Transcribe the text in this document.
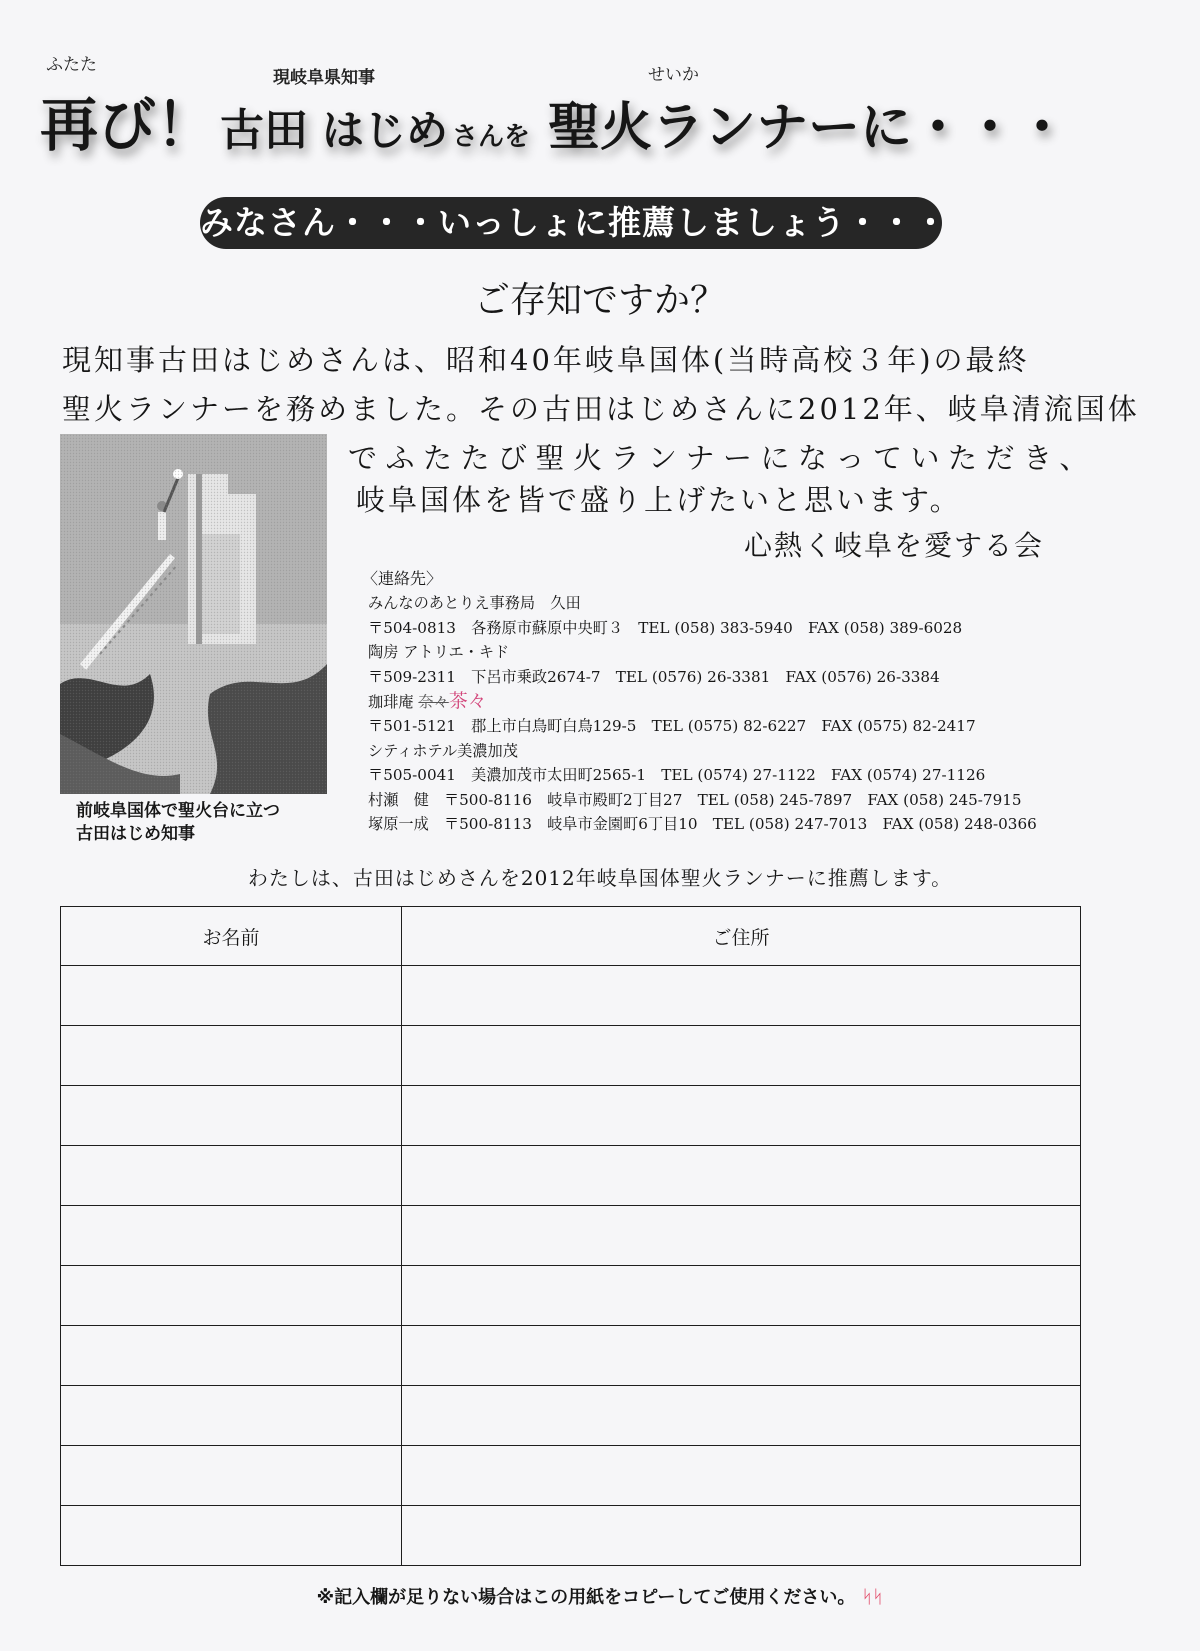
ふたた
現岐阜県知事	せいか
再び！ 古田 はじめ さんを 聖火ランナーに・・・
みなさん・・・いっしょに推薦しましょう・・・
ご存知ですか？
現知事古田はじめさんは、昭和40年岐阜国体(当時高校３年)の最終
聖火ランナーを務めました。その古田はじめさんに2012年、岐阜清流国体
でふたたび聖火ランナーになっていただき、
岐阜国体を皆で盛り上げたいと思います。
心熱く岐阜を愛する会
前岐阜国体で聖火台に立つ
古田はじめ知事
〈連絡先〉
みんなのあとりえ事務局　久田
〒504-0813　各務原市蘇原中央町３　TEL (058) 383-5940　FAX (058) 389-6028
陶房 アトリエ・キド
〒509-2311　下呂市乗政2674-7　TEL (0576) 26-3381　FAX (0576) 26-3384
珈琲庵 奈々茶々
〒501-5121　郡上市白鳥町白鳥129-5　TEL (0575) 82-6227　FAX (0575) 82-2417
シティホテル美濃加茂
〒505-0041　美濃加茂市太田町2565-1　TEL (0574) 27-1122　FAX (0574) 27-1126
村瀬　健　〒500-8116　岐阜市殿町2丁目27　TEL (058) 245-7897　FAX (058) 245-7915
塚原一成　〒500-8113　岐阜市金園町6丁目10　TEL (058) 247-7013　FAX (058) 248-0366
わたしは、古田はじめさんを2012年岐阜国体聖火ランナーに推薦します。
お名前	ご住所

※記入欄が足りない場合はこの用紙をコピーしてご使用ください。 ᛋᛋ
